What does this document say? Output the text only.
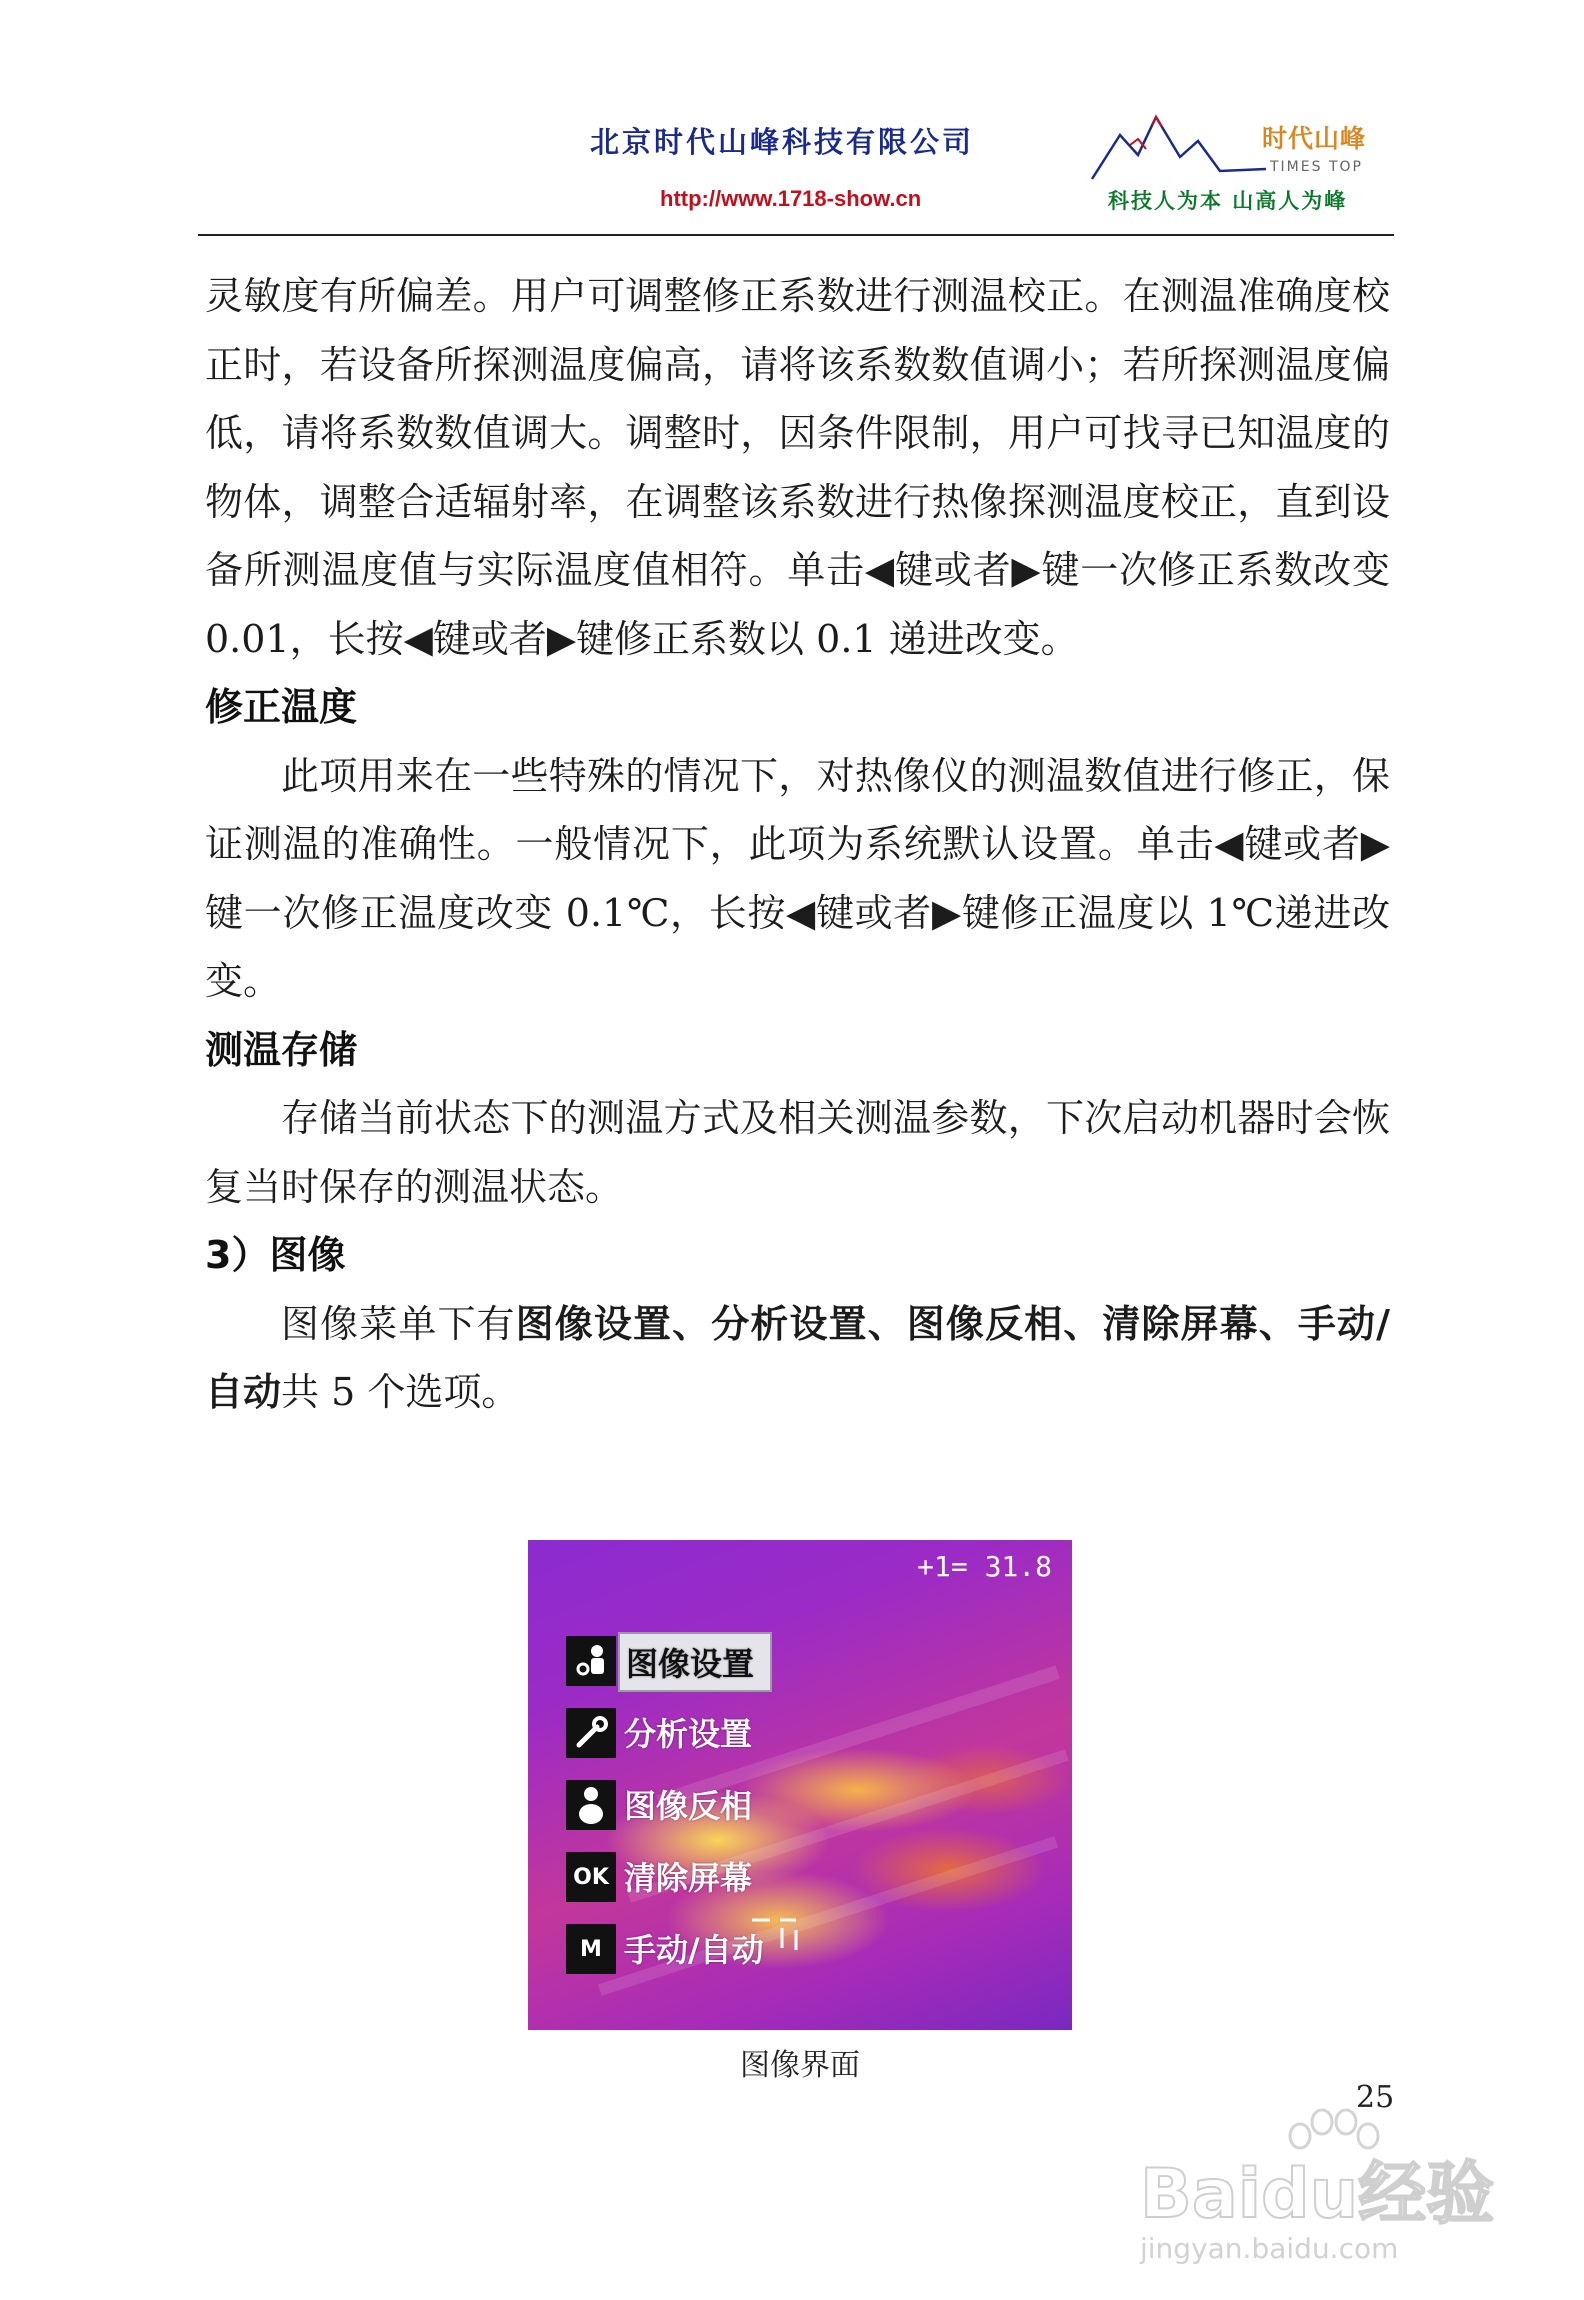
北京时代山峰科技有限公司
http://www.1718-show.cn
时代山峰
TIMES TOP
科技人为本 山高人为峰

灵敏度有所偏差。用户可调整修正系数进行测温校正。在测温准确度校正时，若设备所探测温度偏高，请将该系数数值调小；若所探测温度偏低，请将系数数值调大。调整时，因条件限制，用户可找寻已知温度的物体，调整合适辐射率，在调整该系数进行热像探测温度校正，直到设备所测温度值与实际温度值相符。单击◀键或者▶键一次修正系数改变 0.01，长按◀键或者▶键修正系数以 0.1 递进改变。

修正温度

此项用来在一些特殊的情况下，对热像仪的测温数值进行修正，保证测温的准确性。一般情况下，此项为系统默认设置。单击◀键或者▶键一次修正温度改变 0.1℃，长按◀键或者▶键修正温度以 1℃递进改变。

测温存储

存储当前状态下的测温方式及相关测温参数，下次启动机器时会恢复当时保存的测温状态。

3）图像

图像菜单下有图像设置、分析设置、图像反相、清除屏幕、手动/自动共 5 个选项。

+1= 31.8
图像设置
分析设置
图像反相
OK 清除屏幕
M 手动/自动
图像界面
25
Baidu经验
jingyan.baidu.com
